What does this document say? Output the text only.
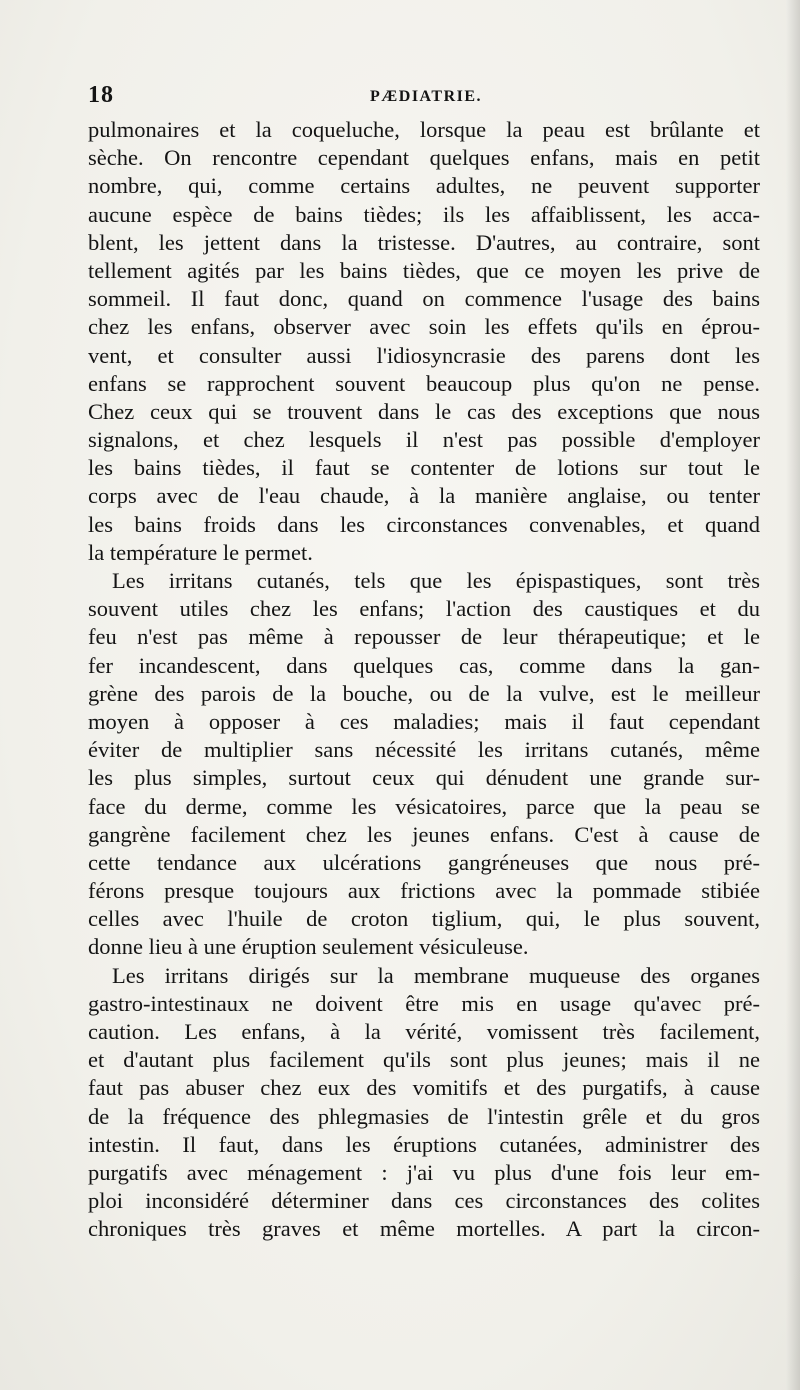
18	PÆDIATRIE.
pulmonaires et la coqueluche, lorsque la peau est brûlante et
sèche. On rencontre cependant quelques enfans, mais en petit
nombre, qui, comme certains adultes, ne peuvent supporter
aucune espèce de bains tièdes; ils les affaiblissent, les acca-
blent, les jettent dans la tristesse. D'autres, au contraire, sont
tellement agités par les bains tièdes, que ce moyen les prive de
sommeil. Il faut donc, quand on commence l'usage des bains
chez les enfans, observer avec soin les effets qu'ils en éprou-
vent, et consulter aussi l'idiosyncrasie des parens dont les
enfans se rapprochent souvent beaucoup plus qu'on ne pense.
Chez ceux qui se trouvent dans le cas des exceptions que nous
signalons, et chez lesquels il n'est pas possible d'employer
les bains tièdes, il faut se contenter de lotions sur tout le
corps avec de l'eau chaude, à la manière anglaise, ou tenter
les bains froids dans les circonstances convenables, et quand
la température le permet.
Les irritans cutanés, tels que les épispastiques, sont très
souvent utiles chez les enfans; l'action des caustiques et du
feu n'est pas même à repousser de leur thérapeutique; et le
fer incandescent, dans quelques cas, comme dans la gan-
grène des parois de la bouche, ou de la vulve, est le meilleur
moyen à opposer à ces maladies; mais il faut cependant
éviter de multiplier sans nécessité les irritans cutanés, même
les plus simples, surtout ceux qui dénudent une grande sur-
face du derme, comme les vésicatoires, parce que la peau se
gangrène facilement chez les jeunes enfans. C'est à cause de
cette tendance aux ulcérations gangréneuses que nous pré-
férons presque toujours aux frictions avec la pommade stibiée
celles avec l'huile de croton tiglium, qui, le plus souvent,
donne lieu à une éruption seulement vésiculeuse.
Les irritans dirigés sur la membrane muqueuse des organes
gastro-intestinaux ne doivent être mis en usage qu'avec pré-
caution. Les enfans, à la vérité, vomissent très facilement,
et d'autant plus facilement qu'ils sont plus jeunes; mais il ne
faut pas abuser chez eux des vomitifs et des purgatifs, à cause
de la fréquence des phlegmasies de l'intestin grêle et du gros
intestin. Il faut, dans les éruptions cutanées, administrer des
purgatifs avec ménagement : j'ai vu plus d'une fois leur em-
ploi inconsidéré déterminer dans ces circonstances des colites
chroniques très graves et même mortelles. A part la circon-
